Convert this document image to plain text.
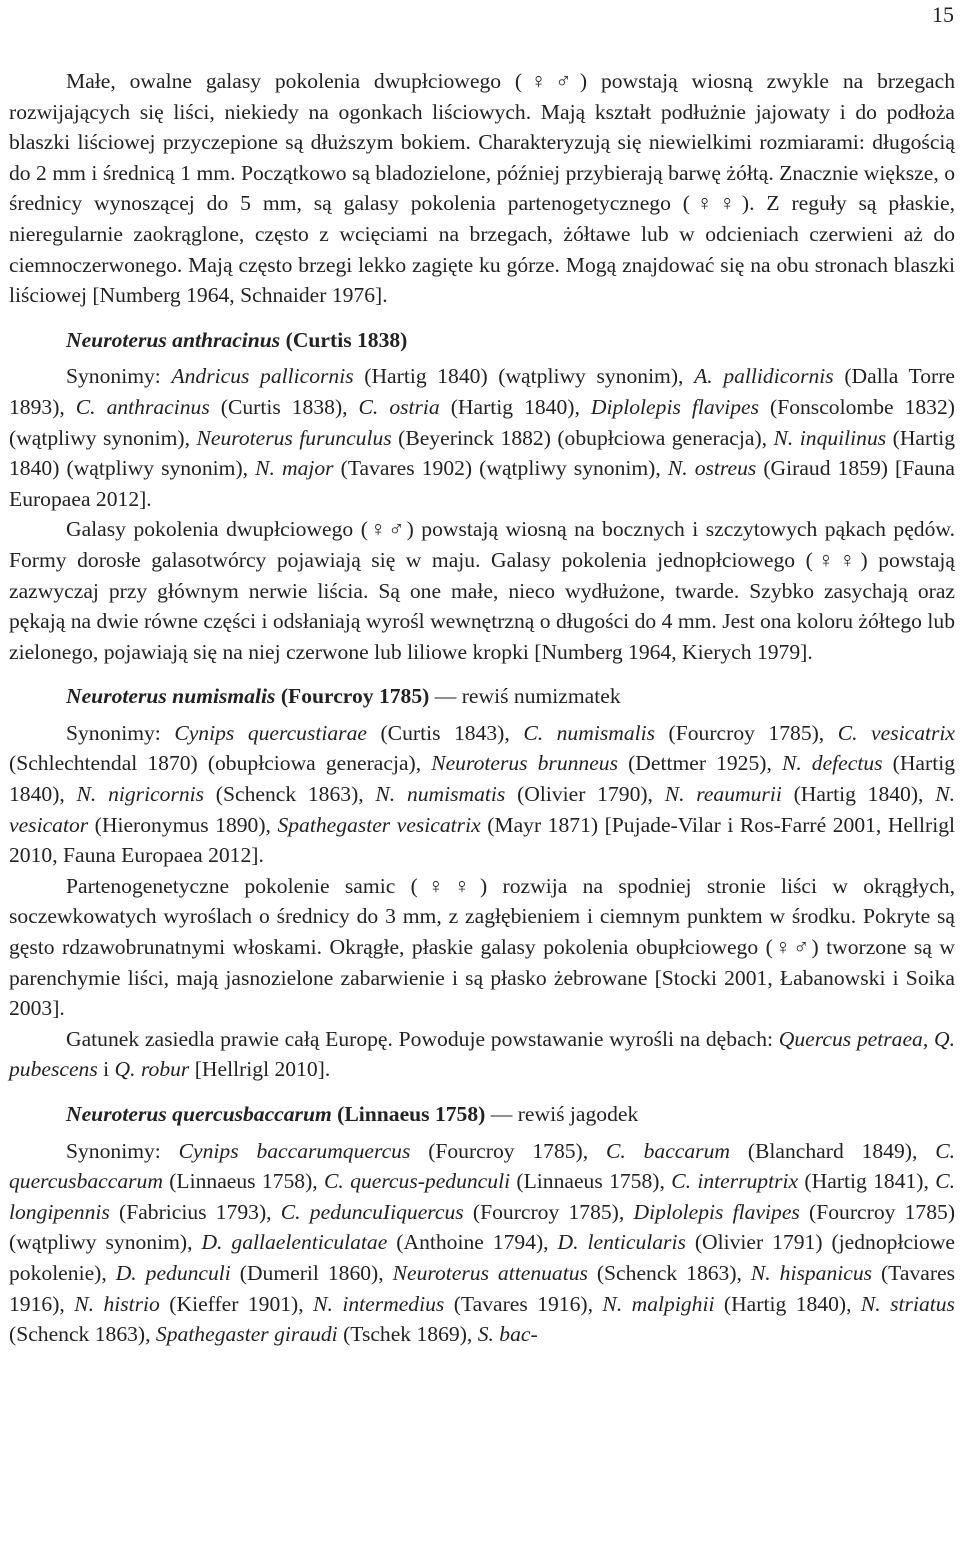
15

Małe, owalne galasy pokolenia dwupłciowego (♀♂) powstają wiosną zwykle na brzegach rozwijających się liści, niekiedy na ogonkach liściowych. Mają kształt podłużnie jajowaty i do podłoża blaszki liściowej przyczepione są dłuższym bokiem. Charakteryzują się niewielkimi rozmiarami: długością do 2 mm i średnicą 1 mm. Początkowo są bladozielone, później przybierają barwę żółtą. Znacznie większe, o średnicy wynoszącej do 5 mm, są galasy pokolenia partenogetycznego (♀♀). Z reguły są płaskie, nieregularnie zaokrąglone, często z wcięciami na brzegach, żółtawe lub w odcieniach czerwieni aż do ciemnoczerwonego. Mają często brzegi lekko zagięte ku górze. Mogą znajdować się na obu stronach blaszki liściowej [Numberg 1964, Schnaider 1976].

Neuroterus anthracinus (Curtis 1838)

Synonimy: Andricus pallicornis (Hartig 1840) (wątpliwy synonim), A. pallidicornis (Dalla Torre 1893), C. anthracinus (Curtis 1838), C. ostria (Hartig 1840), Diplolepis flavipes (Fonscolombe 1832) (wątpliwy synonim), Neuroterus furunculus (Beyerinck 1882) (obupłciowa generacja), N. inquilinus (Hartig 1840) (wątpliwy synonim), N. major (Tavares 1902) (wątpliwy synonim), N. ostreus (Giraud 1859) [Fauna Europaea 2012].

Galasy pokolenia dwupłciowego (♀♂) powstają wiosną na bocznych i szczytowych pąkach pędów. Formy dorosłe galasotwórcy pojawiają się w maju. Galasy pokolenia jednopłciowego (♀♀) powstają zazwyczaj przy głównym nerwie liścia. Są one małe, nieco wydłużone, twarde. Szybko zasychają oraz pękają na dwie równe części i odsłaniają wyrośl wewnętrzną o długości do 4 mm. Jest ona koloru żółtego lub zielonego, pojawiają się na niej czerwone lub liliowe kropki [Numberg 1964, Kierych 1979].

Neuroterus numismalis (Fourcroy 1785) — rewiś numizmatek

Synonimy: Cynips quercustiarae (Curtis 1843), C. numismalis (Fourcroy 1785), C. vesicatrix (Schlechtendal 1870) (obupłciowa generacja), Neuroterus brunneus (Dettmer 1925), N. defectus (Hartig 1840), N. nigricornis (Schenck 1863), N. numismatis (Olivier 1790), N. reaumurii (Hartig 1840), N. vesicator (Hieronymus 1890), Spathegaster vesicatrix (Mayr 1871) [Pujade-Vilar i Ros-Farré 2001, Hellrigl 2010, Fauna Europaea 2012].

Partenogenetyczne pokolenie samic (♀♀) rozwija na spodniej stronie liści w okrągłych, soczewkowatych wyroślach o średnicy do 3 mm, z zagłębieniem i ciemnym punktem w środku. Pokryte są gęsto rdzawobrunatnymi włoskami. Okrągłe, płaskie galasy pokolenia obupłciowego (♀♂) tworzone są w parenchymie liści, mają jasnozielone zabarwienie i są płasko żebrowane [Stocki 2001, Łabanowski i Soika 2003].

Gatunek zasiedla prawie całą Europę. Powoduje powstawanie wyrośli na dębach: Quercus petraea, Q. pubescens i Q. robur [Hellrigl 2010].

Neuroterus quercusbaccarum (Linnaeus 1758) — rewiś jagodek

Synonimy: Cynips baccarumquercus (Fourcroy 1785), C. baccarum (Blanchard 1849), C. quercusbaccarum (Linnaeus 1758), C. quercus-pedunculi (Linnaeus 1758), C. interruptrix (Hartig 1841), C. longipennis (Fabricius 1793), C. peduncuIiquercus (Fourcroy 1785), Diplolepis flavipes (Fourcroy 1785) (wątpliwy synonim), D. gallaelenticulatae (Anthoine 1794), D. lenticularis (Olivier 1791) (jednopłciowe pokolenie), D. pedunculi (Dumeril 1860), Neuroterus attenuatus (Schenck 1863), N. hispanicus (Tavares 1916), N. histrio (Kieffer 1901), N. intermedius (Tavares 1916), N. malpighii (Hartig 1840), N. striatus (Schenck 1863), Spathegaster giraudi (Tschek 1869), S. bac-
